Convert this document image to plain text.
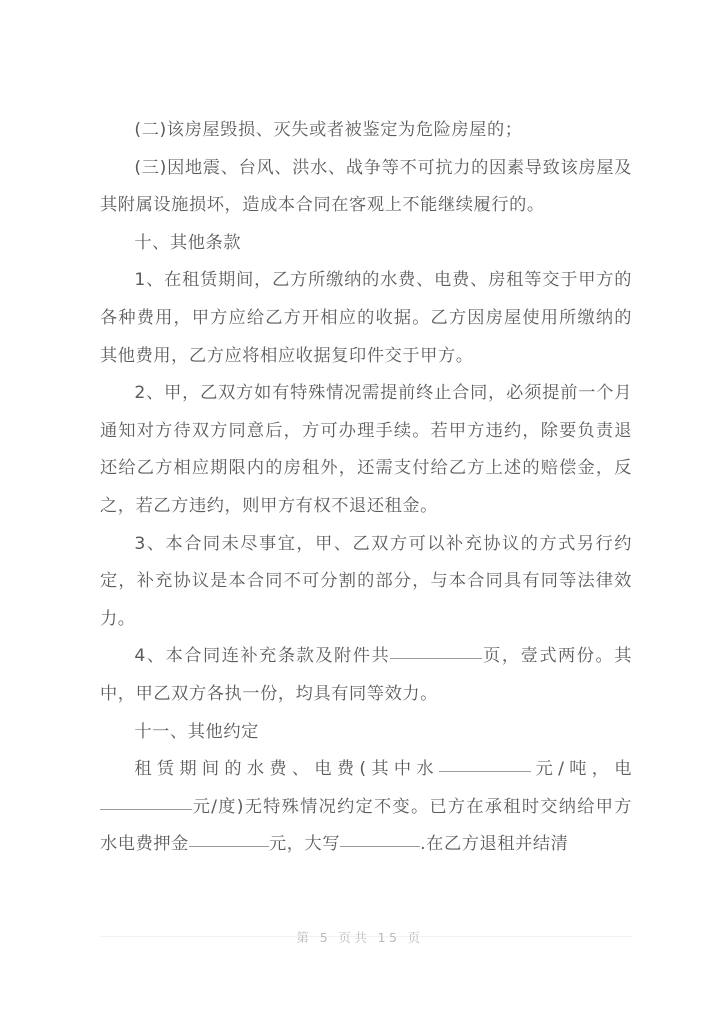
(二)该房屋毁损、灭失或者被鉴定为危险房屋的；

(三)因地震、台风、洪水、战争等不可抗力的因素导致该房屋及其附属设施损坏，造成本合同在客观上不能继续履行的。

十、其他条款

1、在租赁期间，乙方所缴纳的水费、电费、房租等交于甲方的各种费用，甲方应给乙方开相应的收据。乙方因房屋使用所缴纳的其他费用，乙方应将相应收据复印件交于甲方。

2、甲，乙双方如有特殊情况需提前终止合同，必须提前一个月通知对方待双方同意后，方可办理手续。若甲方违约，除要负责退还给乙方相应期限内的房租外，还需支付给乙方上述的赔偿金，反之，若乙方违约，则甲方有权不退还租金。

3、本合同未尽事宜，甲、乙双方可以补充协议的方式另行约定，补充协议是本合同不可分割的部分，与本合同具有同等法律效力。

4、本合同连补充条款及附件共	页，壹式两份。其中，甲乙双方各执一份，均具有同等效力。

十一、其他约定

租赁期间的水费、电费(其中水	元/吨，电元/度)无特殊情况约定不变。已方在承租时交纳给甲方水电费押金	元，大写	.在乙方退租并结清

第 5 页共 15 页
